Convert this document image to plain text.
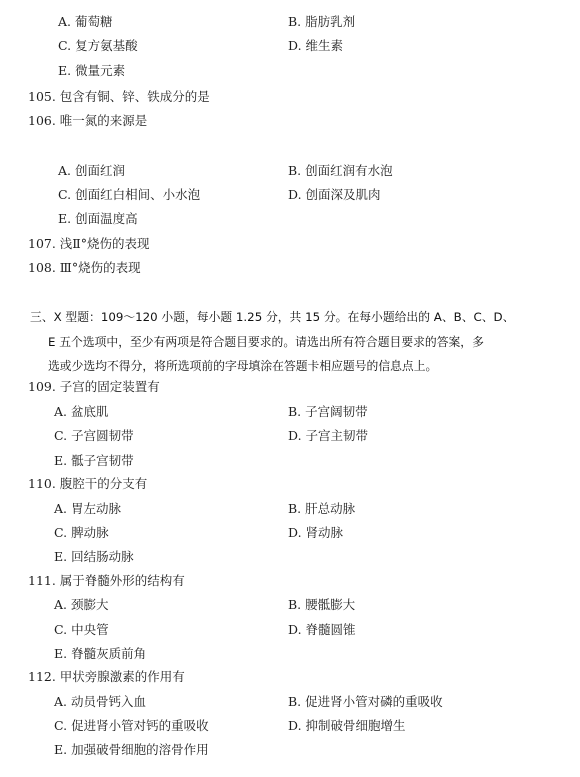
A. 葡萄糖	B. 脂肪乳剂
C. 复方氨基酸	D. 维生素
E. 微量元素
105. 包含有铜、锌、铁成分的是
106. 唯一氮的来源是
A. 创面红润	B. 创面红润有水泡
C. 创面红白相间、小水泡	D. 创面深及肌肉
E. 创面温度高
107. 浅Ⅱ°烧伤的表现
108. Ⅲ°烧伤的表现
三、X 型题：109～120 小题，每小题 1.25 分，共 15 分。在每小题给出的 A、B、C、D、
E 五个选项中，至少有两项是符合题目要求的。请选出所有符合题目要求的答案，多
选或少选均不得分，将所选项前的字母填涂在答题卡相应题号的信息点上。
109. 子宫的固定装置有
A. 盆底肌	B. 子宫阔韧带
C. 子宫圆韧带	D. 子宫主韧带
E. 骶子宫韧带
110. 腹腔干的分支有
A. 胃左动脉	B. 肝总动脉
C. 脾动脉	D. 肾动脉
E. 回结肠动脉
111. 属于脊髓外形的结构有
A. 颈膨大	B. 腰骶膨大
C. 中央管	D. 脊髓圆锥
E. 脊髓灰质前角
112. 甲状旁腺激素的作用有
A. 动员骨钙入血	B. 促进肾小管对磷的重吸收
C. 促进肾小管对钙的重吸收	D. 抑制破骨细胞增生
E. 加强破骨细胞的溶骨作用
